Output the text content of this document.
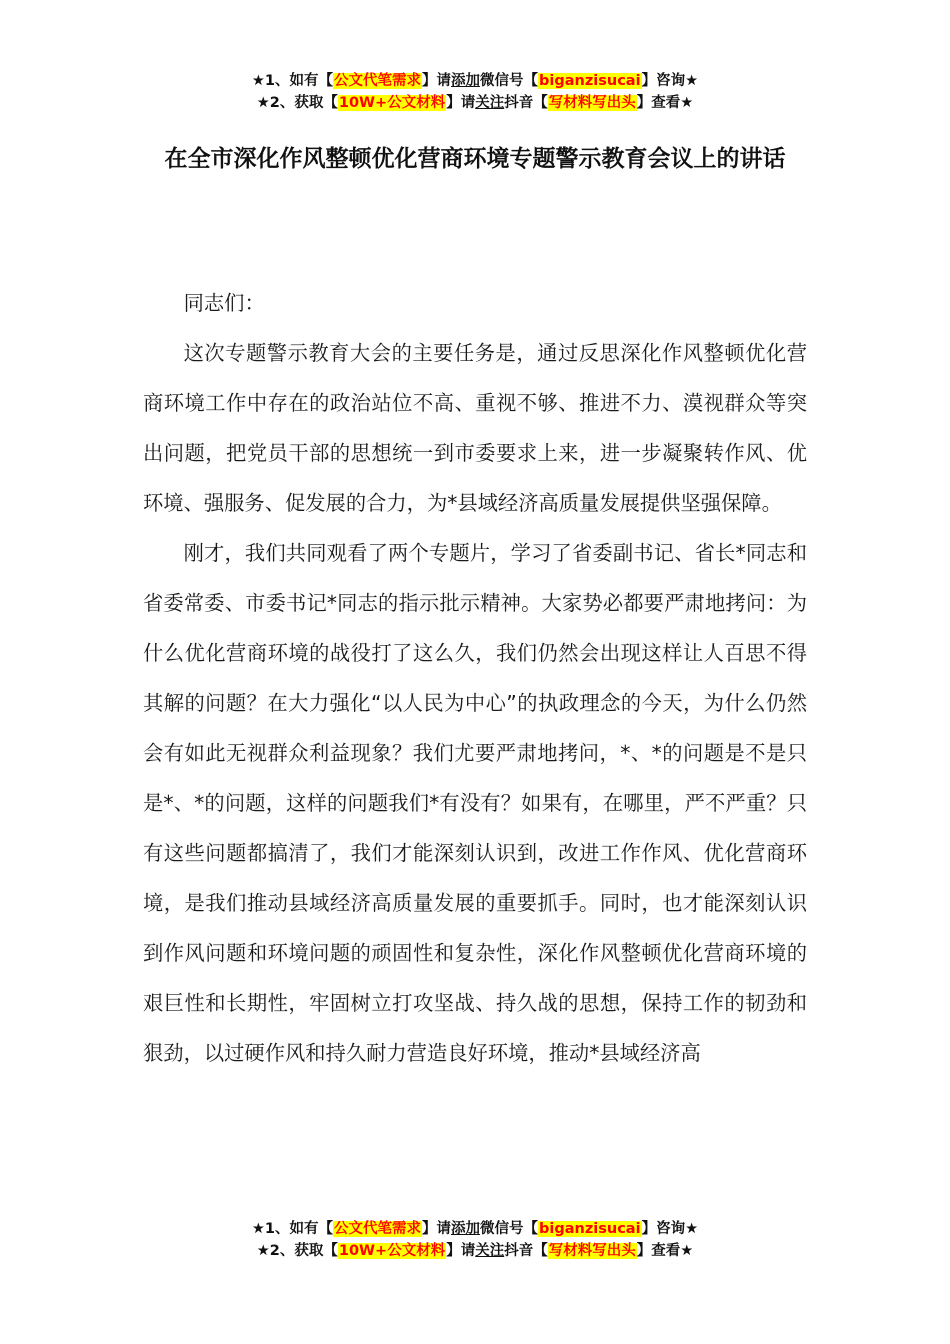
★1、如有【公文代笔需求】请添加微信号【biganzisucai】咨询★
★2、获取【10W+公文材料】请关注抖音【写材料写出头】查看★
在全市深化作风整顿优化营商环境专题警示教育会议上的讲话

同志们：

这次专题警示教育大会的主要任务是，通过反思深化作风整顿优化营商环境工作中存在的政治站位不高、重视不够、推进不力、漠视群众等突出问题，把党员干部的思想统一到市委要求上来，进一步凝聚转作风、优环境、强服务、促发展的合力，为*县域经济高质量发展提供坚强保障。

刚才，我们共同观看了两个专题片，学习了省委副书记、省长*同志和省委常委、市委书记*同志的指示批示精神。大家势必都要严肃地拷问：为什么优化营商环境的战役打了这么久，我们仍然会出现这样让人百思不得其解的问题？在大力强化“以人民为中心”的执政理念的今天，为什么仍然会有如此无视群众利益现象？我们尤要严肃地拷问，*、*的问题是不是只是*、*的问题，这样的问题我们*有没有？如果有，在哪里，严不严重？只有这些问题都搞清了，我们才能深刻认识到，改进工作作风、优化营商环境，是我们推动县域经济高质量发展的重要抓手。同时，也才能深刻认识到作风问题和环境问题的顽固性和复杂性，深化作风整顿优化营商环境的艰巨性和长期性，牢固树立打攻坚战、持久战的思想，保持工作的韧劲和狠劲，以过硬作风和持久耐力营造良好环境，推动*县域经济高

★1、如有【公文代笔需求】请添加微信号【biganzisucai】咨询★
★2、获取【10W+公文材料】请关注抖音【写材料写出头】查看★
